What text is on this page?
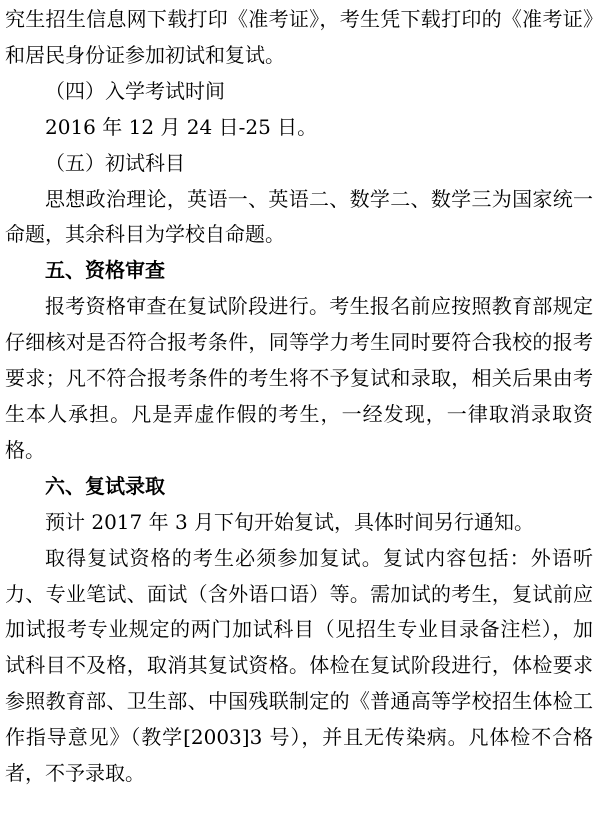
究生招生信息网下载打印《准考证》，考生凭下载打印的《准考证》和居民身份证参加初试和复试。

（四）入学考试时间

2016 年 12 月 24 日-25 日。

（五）初试科目

思想政治理论，英语一、英语二、数学二、数学三为国家统一命题，其余科目为学校自命题。

五、资格审查

报考资格审查在复试阶段进行。考生报名前应按照教育部规定仔细核对是否符合报考条件，同等学力考生同时要符合我校的报考要求；凡不符合报考条件的考生将不予复试和录取，相关后果由考生本人承担。凡是弄虚作假的考生，一经发现，一律取消录取资格。

六、复试录取

预计 2017 年 3 月下旬开始复试，具体时间另行通知。

取得复试资格的考生必须参加复试。复试内容包括：外语听力、专业笔试、面试（含外语口语）等。需加试的考生，复试前应加试报考专业规定的两门加试科目（见招生专业目录备注栏），加试科目不及格，取消其复试资格。体检在复试阶段进行，体检要求参照教育部、卫生部、中国残联制定的《普通高等学校招生体检工作指导意见》（教学[2003]3 号），并且无传染病。凡体检不合格者，不予录取。
